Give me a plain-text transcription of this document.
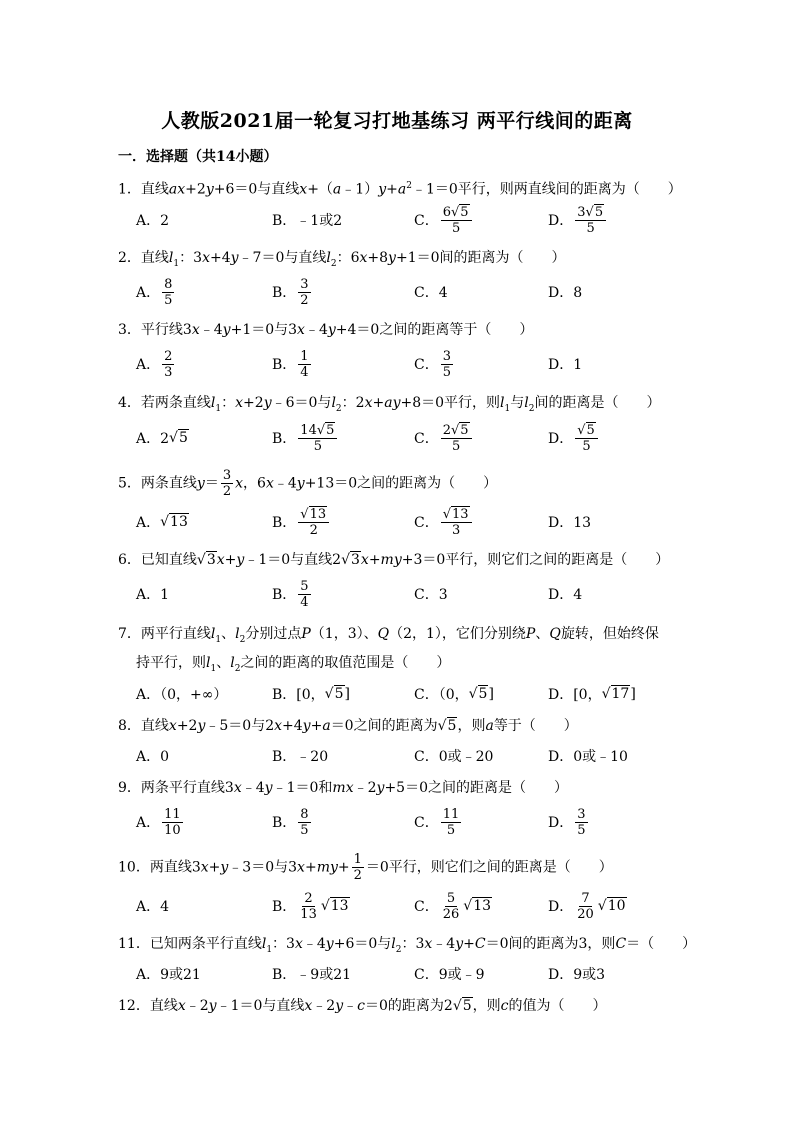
人教版2021届一轮复习打地基练习 两平行线间的距离
一．选择题（共14小题）
1．直线ax+2y+6＝0与直线$x+(a﹣1)y+a^2﹣1=0$平行，则两直线间的距离为（　　）
A．2	B．﹣1或2	C． $\frac{6√5}{5}$	D． $\frac{3√5}{5}$
2．直线$l_1$：3x+4y﹣7＝0与直线$l_2$：6x+8y+1＝0间的距离为（　　）
A． $\frac{8}{5}$	B． $\frac{3}{2}$	C．4	D．8
3．平行线3x﹣4y+1＝0与3x﹣4y+4＝0之间的距离等于（　　）
A． $\frac{2}{3}$	B． $\frac{1}{4}$	C． $\frac{3}{5}$	D．1
4．若两条直线$l_1$：x+2y﹣6＝0与$l_2$：2x+ay+8＝0平行，则$l_1$与$l_2$间的距离是（　　）
A．2 √5	B． $\frac{14√5}{5}$	C． $\frac{2√5}{5}$	D． $\frac{√5}{5}$
5．两条直线$y= \frac{3}{2}$ x，6x﹣4y+13＝0之间的距离为（　　）
A． √13	B． $\frac{√13}{2}$	C． $\frac{√13}{3}$	D．13
6．已知直线√3x+y﹣1＝0与直线2√3x+my+3＝0平行，则它们之间的距离是（　　）
A．1	B． $\frac{5}{4}$	C．3	D．4
7．两平行直线$l_1$、$l_2$分别过点P（1，3）、Q（2，1），它们分别绕P、Q旋转，但始终保
持平行，则$l_1$、$l_2$之间的距离的取值范围是（　　）
A．（0，+∞）	B．[0， √5 ]	C．（0， √5 ]	D．[0， √17 ]
8．直线x+2y﹣5＝0与2x+4y+a＝0之间的距离为√5，则a等于（　　）
A．0	B．﹣20	C．0或﹣20	D．0或﹣10
9．两条平行直线3x﹣4y﹣1＝0和mx﹣2y+5＝0之间的距离是（　　）
A． $\frac{11}{10}$	B． $\frac{8}{5}$	C． $\frac{11}{5}$	D． $\frac{3}{5}$
10．两直线3x+y﹣3＝0与$3x+my+ \frac{1}{2} =0$平行，则它们之间的距离是（　　）
A．4	B． $\frac{2}{13} √13$	C． $\frac{5}{26} √13$	D． $\frac{7}{20} √10$
11．已知两条平行直线$l_1$：3x﹣4y+6＝0与$l_2$：3x﹣4y+C＝0间的距离为3，则C＝（　　）
A．9或21	B．﹣9或21	C．9或﹣9	D．9或3
12．直线x﹣2y﹣1＝0与直线x﹣2y﹣c＝0的距离为2√5，则c的值为（　　）
